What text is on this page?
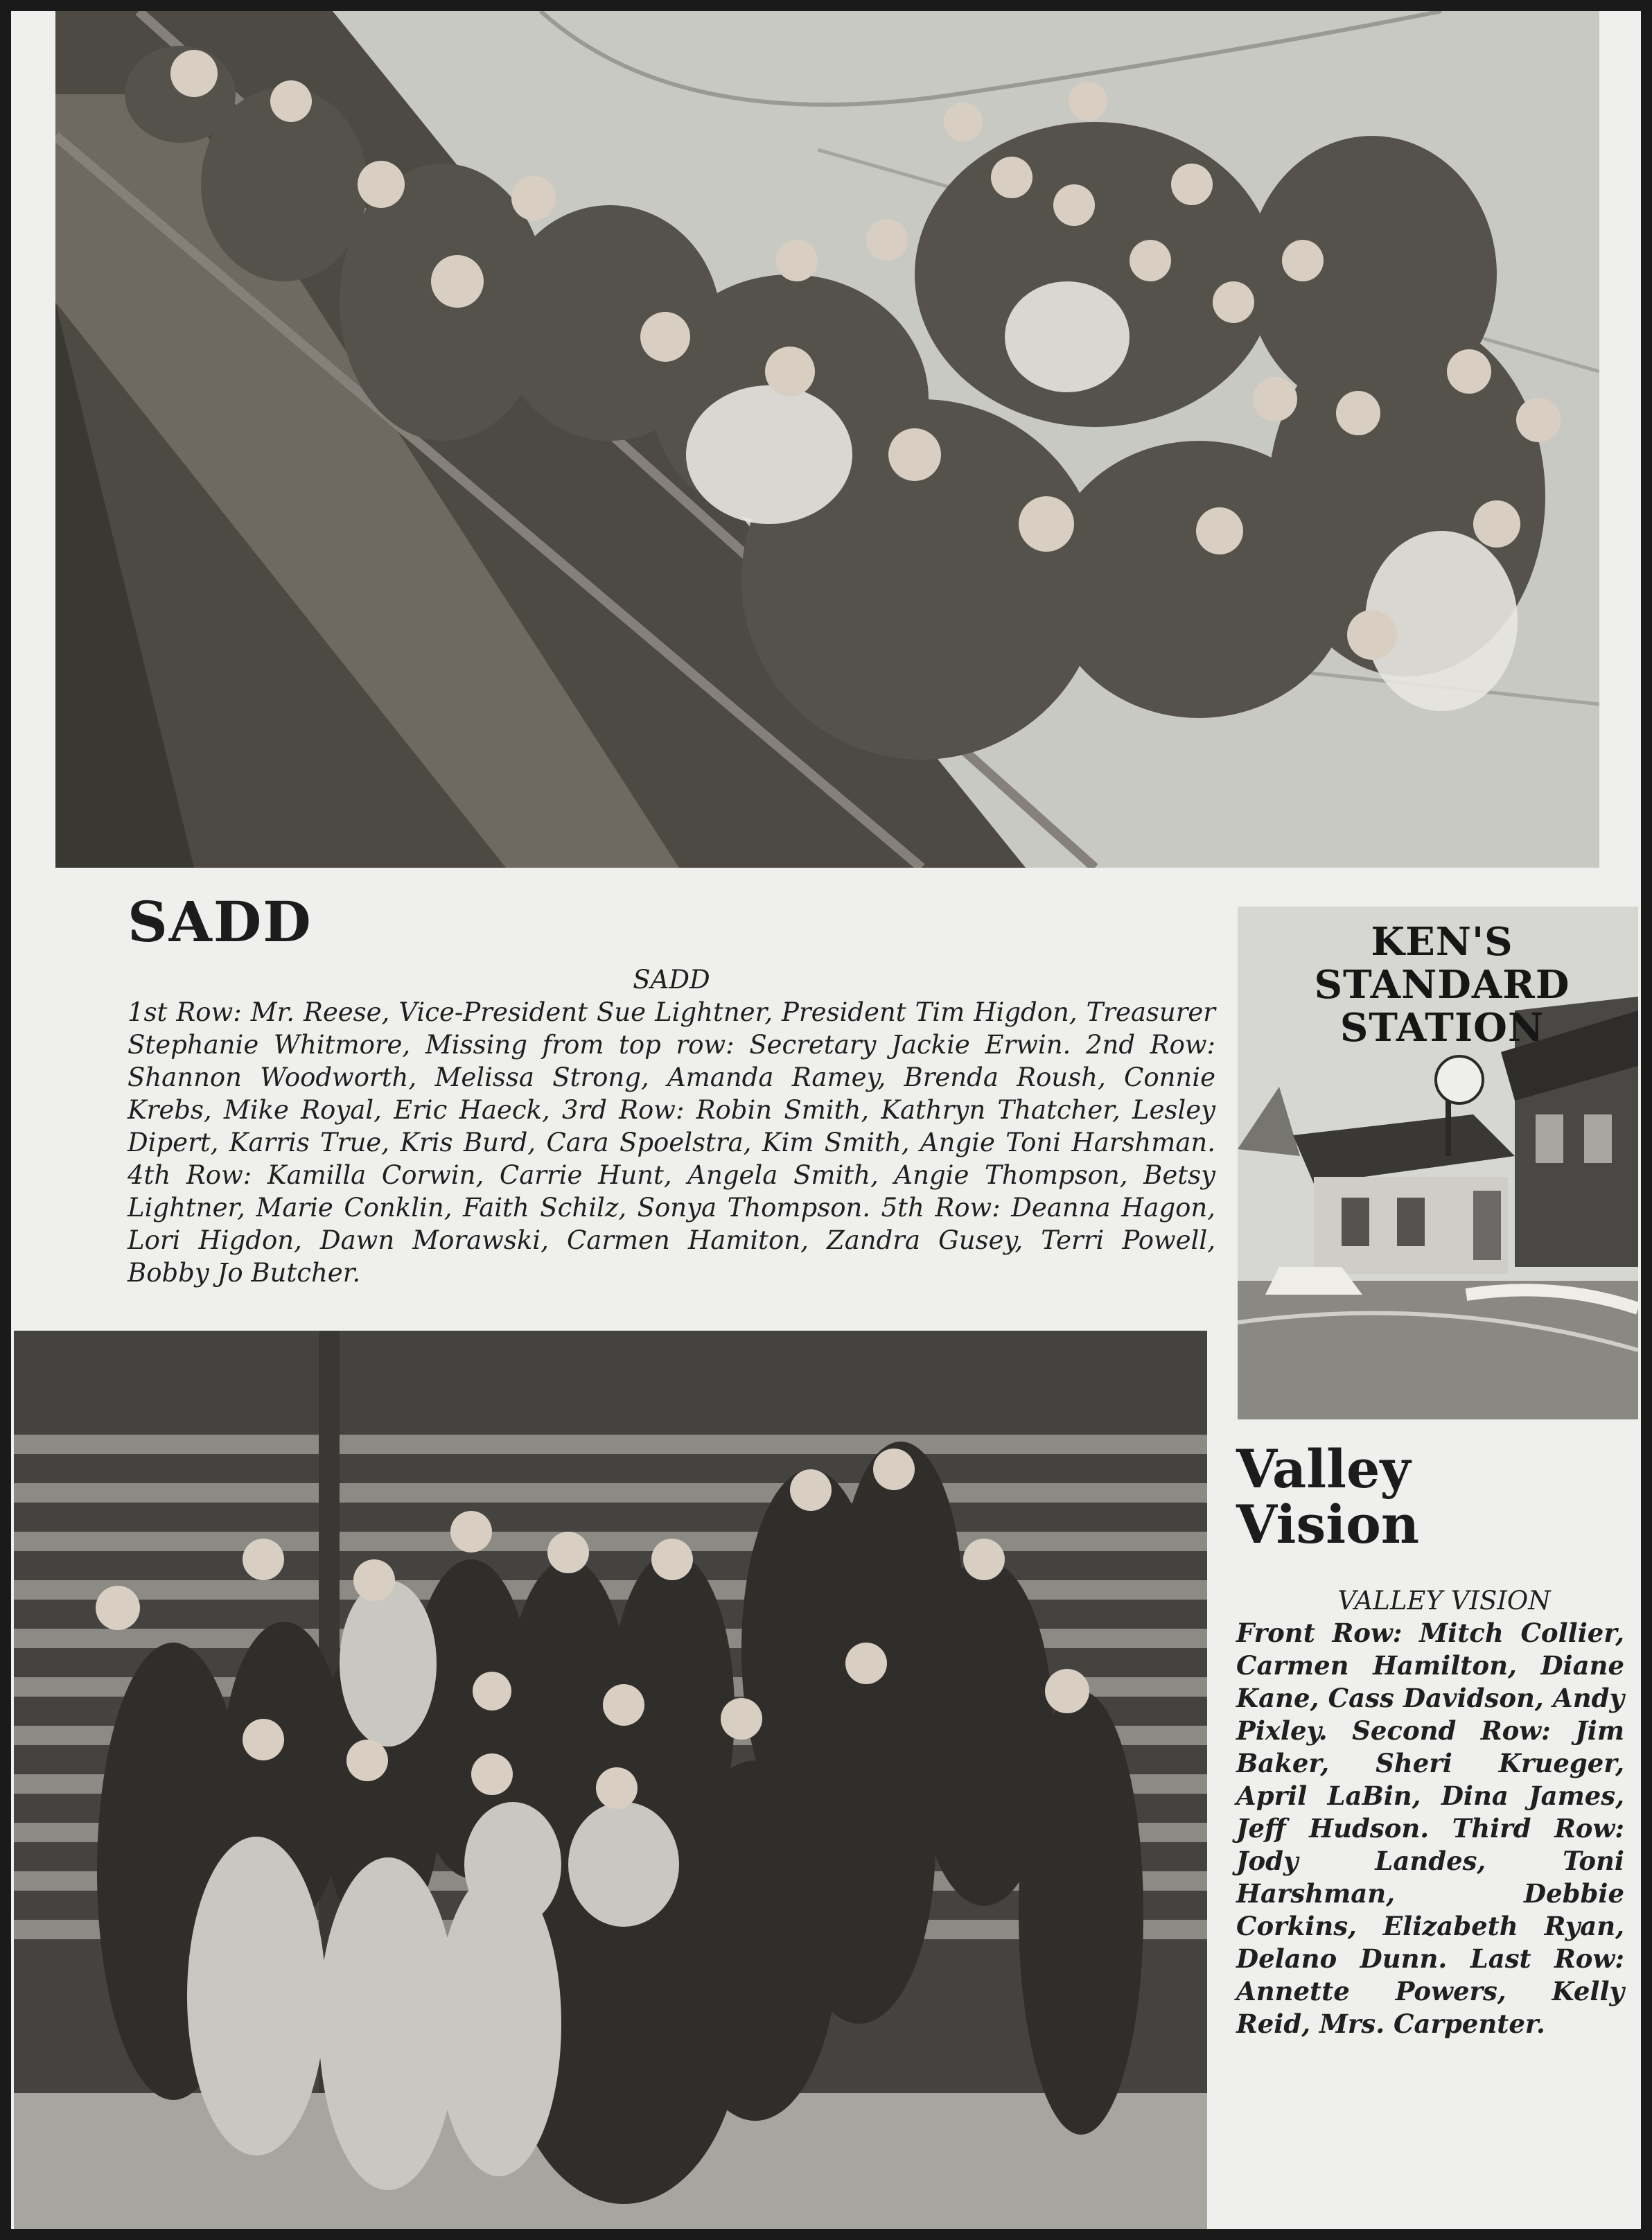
SADD
SADD
1st Row: Mr. Reese, Vice-President Sue Lightner, President Tim Higdon, Treasurer Stephanie Whitmore, Missing from top row: Secretary Jackie Erwin. 2nd Row: Shannon Woodworth, Melissa Strong, Amanda Ramey, Brenda Roush, Connie Krebs, Mike Royal, Eric Haeck, 3rd Row: Robin Smith, Kathryn Thatcher, Lesley Dipert, Karris True, Kris Burd, Cara Spoelstra, Kim Smith, Angie Toni Harshman. 4th Row: Kamilla Corwin, Carrie Hunt, Angela Smith, Angie Thompson, Betsy Lightner, Marie Conklin, Faith Schilz, Sonya Thompson. 5th Row: Deanna Hagon, Lori Higdon, Dawn Morawski, Carmen Hamiton, Zandra Gusey, Terri Powell, Bobby Jo Butcher.
KEN'S
STANDARD
STATION
Valley
Vision
VALLEY VISION
Front Row: Mitch Collier, Carmen Hamilton, Diane Kane, Cass Davidson, Andy Pixley. Second Row: Jim Baker, Sheri Krueger, April LaBin, Dina James, Jeff Hudson. Third Row: Jody Landes, Toni Harshman, Debbie Corkins, Elizabeth Ryan, Delano Dunn. Last Row: Annette Powers, Kelly Reid, Mrs. Carpenter.
